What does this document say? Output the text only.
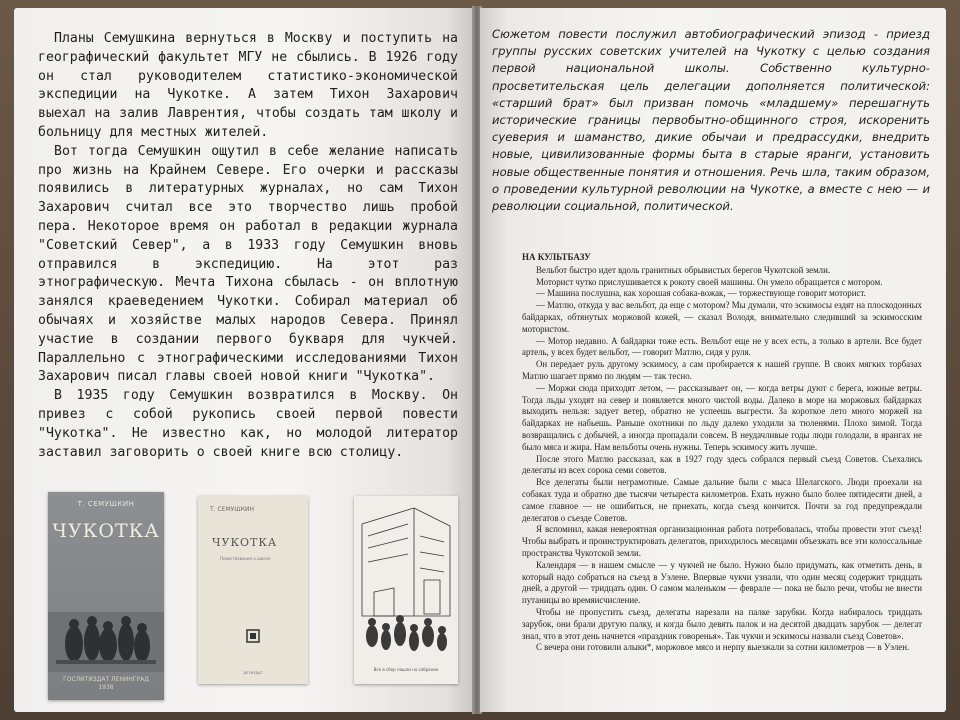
Планы Семушкина вернуться в Москву и поступить на географический факультет МГУ не сбылись. В 1926 году он стал руководителем статистико-экономической экспедиции на Чукотке. А затем Тихон Захарович выехал на залив Лаврентия, чтобы создать там школу и больницу для местных жителей.

Вот тогда Семушкин ощутил в себе желание написать про жизнь на Крайнем Севере. Его очерки и рассказы появились в литературных журналах, но сам Тихон Захарович считал все это творчество лишь пробой пера. Некоторое время он работал в редакции журнала "Советский Север", а в 1933 году Семушкин вновь отправился в экспедицию. На этот раз этнографическую. Мечта Тихона сбылась - он вплотную занялся краеведением Чукотки. Собирал материал об обычаях и хозяйстве малых народов Севера. Принял участие в создании первого букваря для чукчей. Параллельно с этнографическими исследованиями Тихон Захарович писал главы своей новой книги "Чукотка".

В 1935 году Семушкин возвратился в Москву. Он привез с собой рукопись своей первой повести "Чукотка". Не известно как, но молодой литератор заставил заговорить о своей книге всю столицу.

Т. СЕМУШКИН
ЧУКОТКА
ГОСЛИТИЗДАТ ЛЕНИНГРАД
1938
Т. СЕМУШКИН
ЧУКОТКА
Повествование о школе
ДЕТИЗДАТ
Все в сбор пошли на собрание

Сюжетом повести послужил автобиографический эпизод - приезд группы русских советских учителей на Чукотку с целью создания первой национальной школы. Собственно культурно-просветительская цель делегации дополняется политической: «старший брат» был призван помочь «младшему» перешагнуть исторические границы первобытно-общинного строя, искоренить суеверия и шаманство, дикие обычаи и предрассудки, внедрить новые, цивилизованные формы быта в старые яранги, установить новые общественные понятия и отношения. Речь шла, таким образом, о проведении культурной революции на Чукотке, а вместе с нею — и революции социальной, политической.

НА КУЛЬТБАЗУ

Вельбот быстро идет вдоль гранитных обрывистых берегов Чукотской земли.

Моторист чутко прислушивается к рокоту своей машины. Он умело обращается с мотором.

— Машина послушна, как хорошая собака-вожак, — торжествующе говорит моторист.

— Матлю, откуда у вас вельбот, да еще с мотором? Мы думали, что эскимосы ездят на плоскодонных байдарках, обтянутых моржовой кожей, — сказал Володя, внимательно следивший за эскимосским мотористом.

— Мотор недавно. А байдарки тоже есть. Вельбот еще не у всех есть, а только в артели. Все будет артель, у всех будет вельбот, — говорит Матлю, сидя у руля.

Он передает руль другому эскимосу, а сам пробирается к нашей группе. В своих мягких торбазах Матлю шагает прямо по людям — так тесно.

— Моржи сюда приходят летом, — рассказывает он, — когда ветры дуют с берега, южные ветры. Тогда льды уходят на север и появляется много чистой воды. Далеко в море на моржовых байдарках выходить нельзя: задует ветер, обратно не успеешь выгрести. За короткое лето много моржей на байдарках не набьешь. Раньше охотники по льду далеко уходили за тюленями. Плохо зимой. Тогда возвращались с добычей, а иногда пропадали совсем. В неудачливые годы люди голодали, в ярангах не было мяса и жира. Нам вельботы очень нужны. Теперь эскимосу жить лучше.

После этого Матлю рассказал, как в 1927 году здесь собрался первый съезд Советов. Съехались делегаты из всех сорока семи советов.

Все делегаты были неграмотные. Самые дальние были с мыса Шелагского. Люди проехали на собаках туда и обратно две тысячи четыреста километров. Ехать нужно было более пятидесяти дней, а самое главное — не ошибиться, не приехать, когда съезд кончится. Почти за год предупреждали делегатов о съезде Советов.

Я вспомнил, какая невероятная организационная работа потребовалась, чтобы провести этот съезд! Чтобы выбрать и проинструктировать делегатов, приходилось месяцами объезжать все эти колоссальные пространства Чукотской земли.

Календаря — в нашем смысле — у чукчей не было. Нужно было придумать, как отметить день, в который надо собраться на съезд в Уэлене. Впервые чукчи узнали, что один месяц содержит тридцать дней, а другой — тридцать один. О самом маленьком — феврале — пока не было речи, чтобы не внести путаницы во времяисчисление.

Чтобы не пропустить съезд, делегаты нарезали на палке зарубки. Когда набиралось тридцать зарубок, они брали другую палку, и когда было девять палок и на десятой двадцать зарубок — делегат знал, что в этот день начнется «праздник говоренья». Так чукчи и эскимосы назвали съезд Советов».

С вечера они готовили алыки*, моржовое мясо и нерпу выезжали за сотни километров — в Уэлен.
